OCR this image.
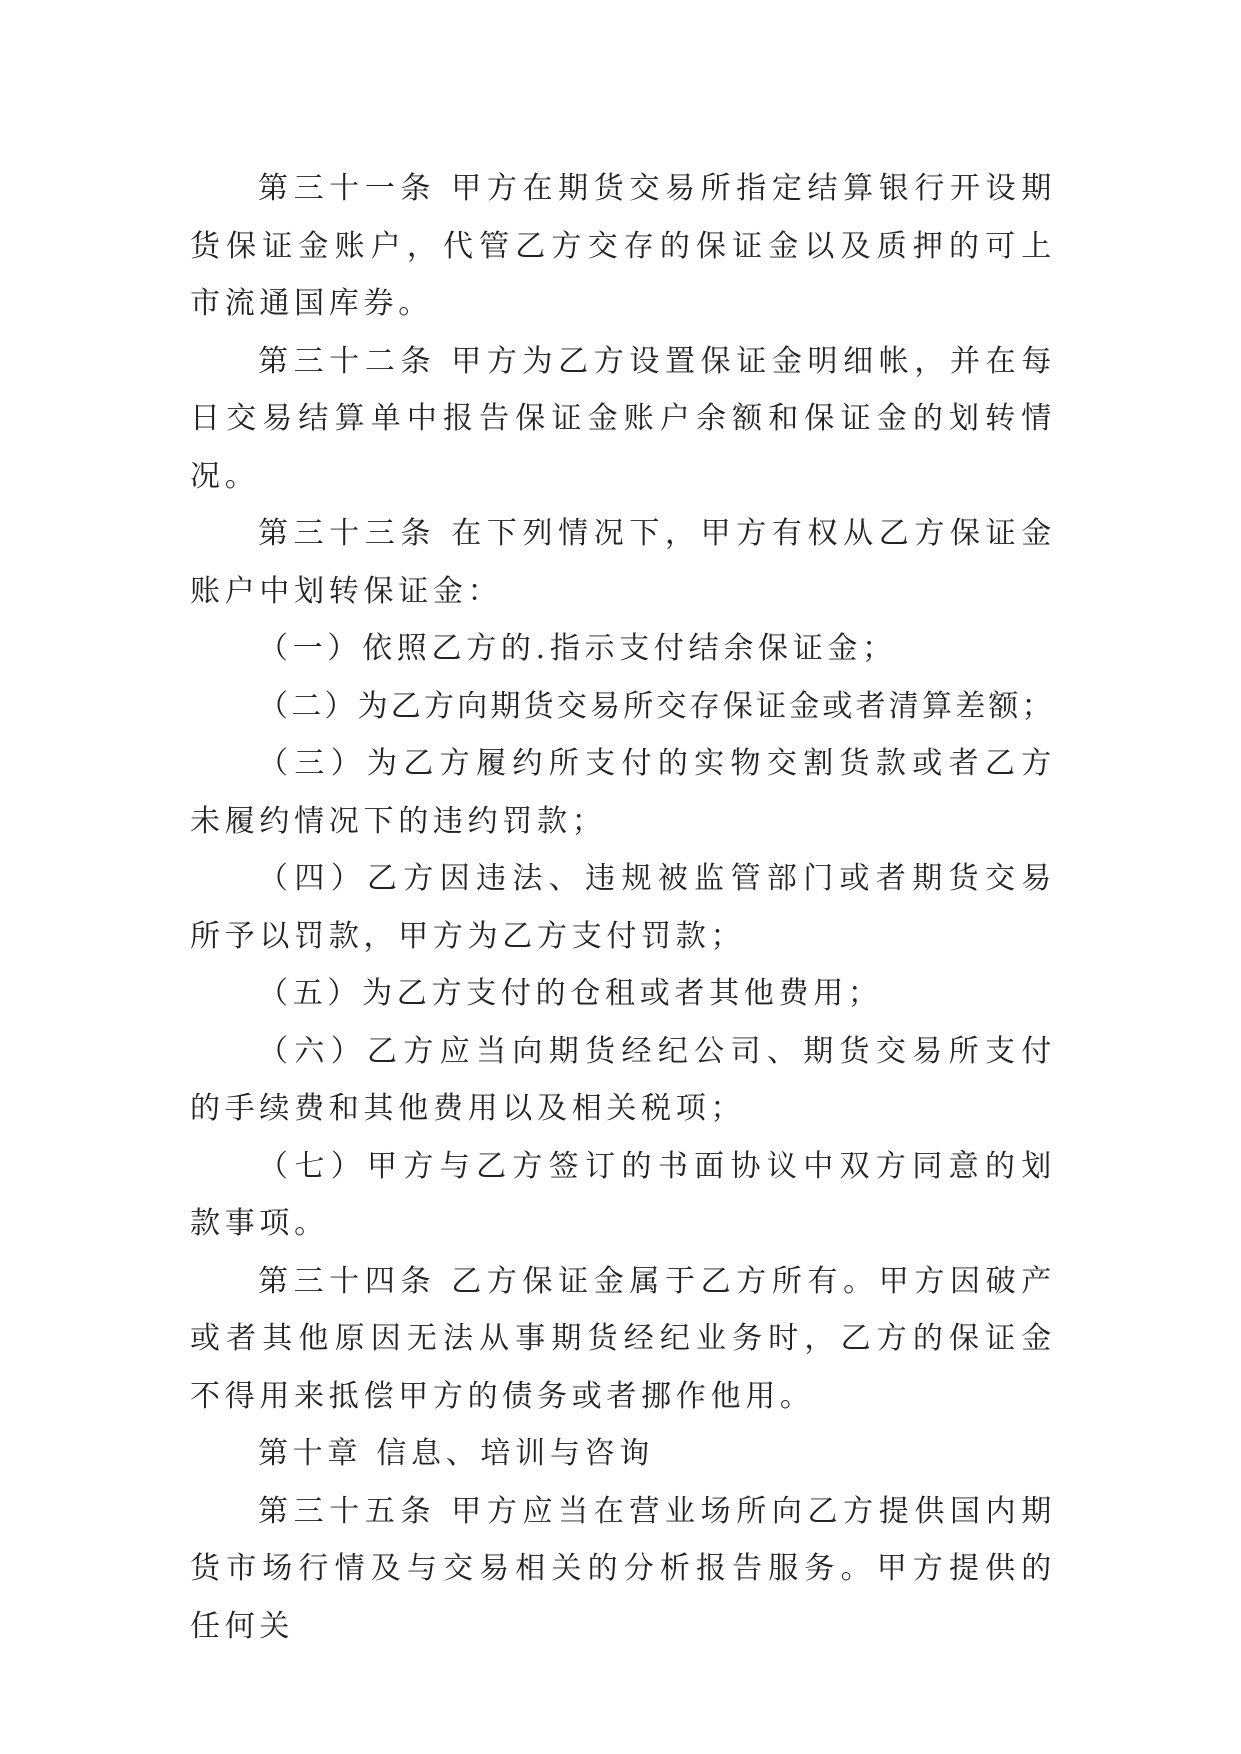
第三十一条 甲方在期货交易所指定结算银行开设期货保证金账户，代管乙方交存的保证金以及质押的可上市流通国库券。

第三十二条 甲方为乙方设置保证金明细帐，并在每日交易结算单中报告保证金账户余额和保证金的划转情况。

第三十三条 在下列情况下，甲方有权从乙方保证金账户中划转保证金：

（一）依照乙方的.指示支付结余保证金；

（二）为乙方向期货交易所交存保证金或者清算差额；

（三）为乙方履约所支付的实物交割货款或者乙方未履约情况下的违约罚款；

（四）乙方因违法、违规被监管部门或者期货交易所予以罚款，甲方为乙方支付罚款；

（五）为乙方支付的仓租或者其他费用；

（六）乙方应当向期货经纪公司、期货交易所支付的手续费和其他费用以及相关税项；

（七）甲方与乙方签订的书面协议中双方同意的划款事项。

第三十四条 乙方保证金属于乙方所有。甲方因破产或者其他原因无法从事期货经纪业务时，乙方的保证金不得用来抵偿甲方的债务或者挪作他用。

第十章 信息、培训与咨询

第三十五条 甲方应当在营业场所向乙方提供国内期货市场行情及与交易相关的分析报告服务。甲方提供的任何关
